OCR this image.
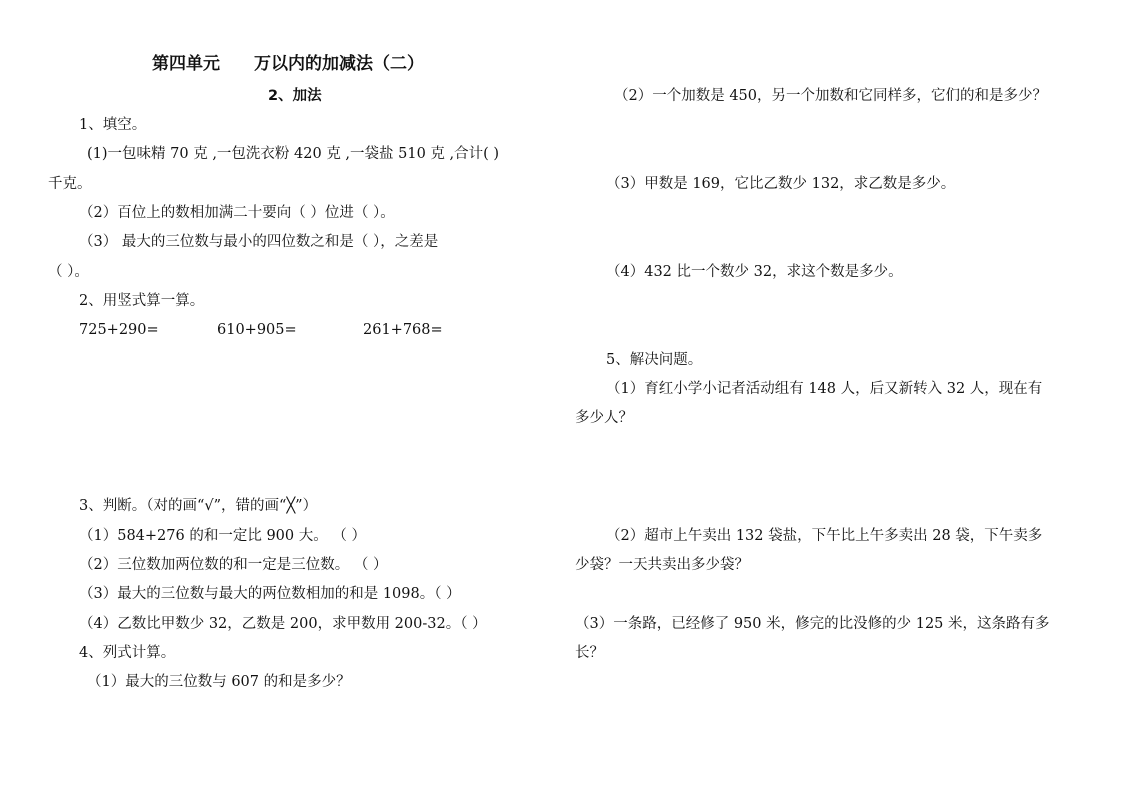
第四单元 万以内的加减法（二）
2、加法
1、填空。
(1)一包味精 70 克 ,一包洗衣粉 420 克 ,一袋盐 510 克 ,合计( )
千克。
（2）百位上的数相加满二十要向（ ）位进（ ）。
（3） 最大的三位数与最小的四位数之和是（ ），之差是
（ ）。
2、用竖式算一算。
725+290=	610+905=	261+768=
3、判断。（对的画“√”，错的画“╳”）
（1）584+276 的和一定比 900 大。 （ ）
（2）三位数加两位数的和一定是三位数。 （ ）
（3）最大的三位数与最大的两位数相加的和是 1098。（ ）
（4）乙数比甲数少 32，乙数是 200，求甲数用 200-32。（ ）
4、列式计算。
（1）最大的三位数与 607 的和是多少？
（2）一个加数是 450，另一个加数和它同样多，它们的和是多少？
（3）甲数是 169，它比乙数少 132，求乙数是多少。
（4）432 比一个数少 32，求这个数是多少。
5、解决问题。
（1）育红小学小记者活动组有 148 人，后又新转入 32 人，现在有
多少人？
（2）超市上午卖出 132 袋盐，下午比上午多卖出 28 袋，下午卖多
少袋？一天共卖出多少袋？
（3）一条路，已经修了 950 米，修完的比没修的少 125 米，这条路有多
长？
